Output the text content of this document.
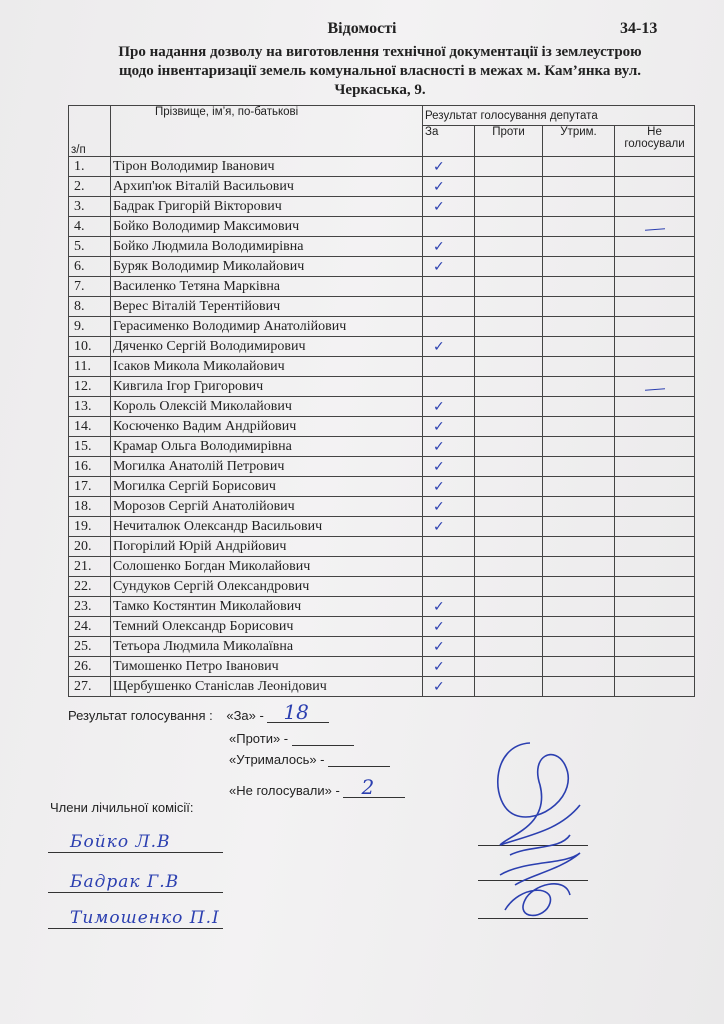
Відомості	34-13
Про надання дозволу на виготовлення технічної документації із землеустрою
щодо інвентаризації земель комунальної власності в межах м. Кам’янка вул.
Черкаська, 9.
з/п	Прізвище, ім’я, по-батькові	Результат голосування депутата			
		За	Проти	Утрим.	Не голосували
1.	Тірон Володимир Іванович	✓			
2.	Архип'юк Віталій Васильович	✓			
3.	Бадрак Григорій Вікторович	✓			
4.	Бойко Володимир Максимович				
5.	Бойко Людмила Володимирівна	✓			
6.	Буряк Володимир Миколайович	✓			
7.	Василенко Тетяна Марківна				
8.	Верес Віталій Терентійович				
9.	Герасименко Володимир Анатолійович				
10.	Дяченко Сергій Володимирович	✓			
11.	Ісаков Микола Миколайович				
12.	Кивгила Ігор Григорович				
13.	Король Олексій Миколайович	✓			
14.	Косюченко Вадим Андрійович	✓			
15.	Крамар Ольга Володимирівна	✓			
16.	Могилка Анатолій Петрович	✓			
17.	Могилка Сергій Борисович	✓			
18.	Морозов Сергій Анатолійович	✓			
19.	Нечиталюк Олександр Васильович	✓			
20.	Погорілий Юрій Андрійович				
21.	Солошенко Богдан Миколайович				
22.	Сундуков Сергій Олександрович				
23.	Тамко Костянтин Миколайович	✓			
24.	Темний Олександр Борисович	✓			
25.	Тетьора Людмила Миколаївна	✓			
26.	Тимошенко Петро Іванович	✓			
27.	Щербушенко Станіслав Леонідович	✓			
Результат голосування : «За» - 18
«Проти» -
«Утрималось» -
«Не голосували» - 2
Члени лічильної комісії:
Бойко Л.В
Бадрак Г.В
Тимошенко П.І
